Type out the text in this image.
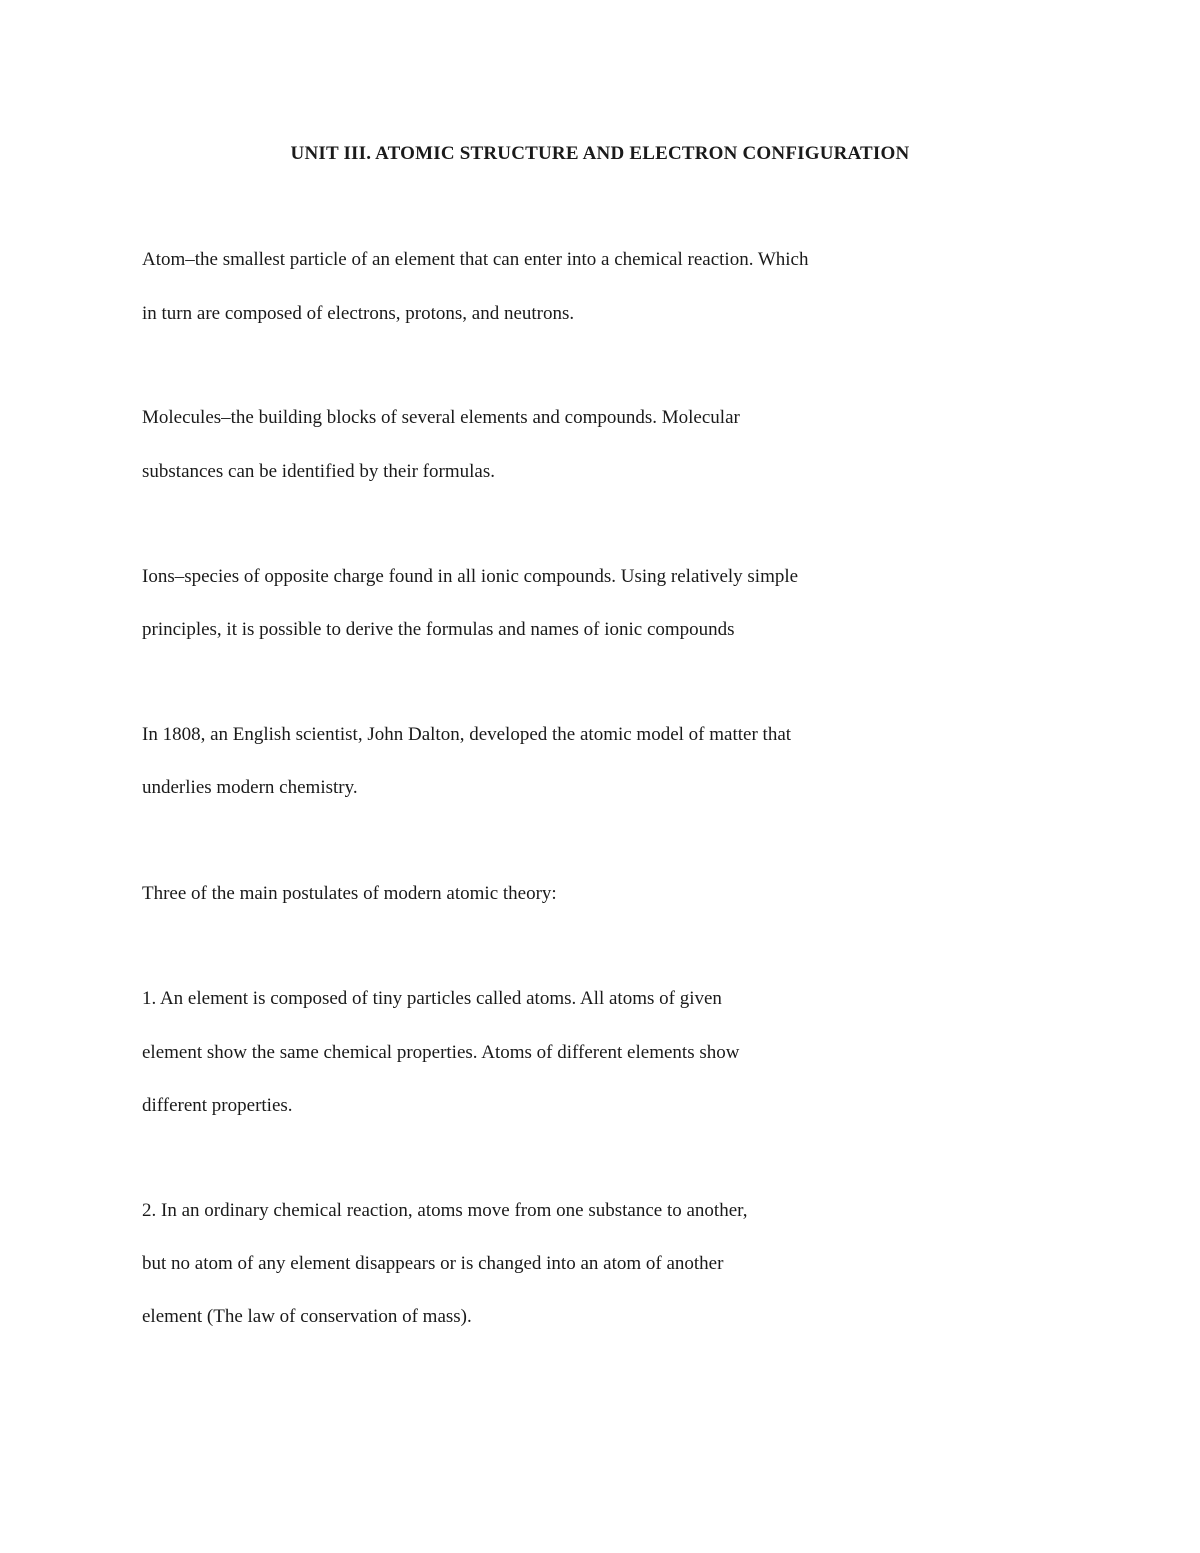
UNIT III. ATOMIC STRUCTURE AND ELECTRON CONFIGURATION
Atom–the smallest particle of an element that can enter into a chemical reaction. Which
in turn are composed of electrons, protons, and neutrons.
Molecules–the building blocks of several elements and compounds. Molecular
substances can be identified by their formulas.
Ions–species of opposite charge found in all ionic compounds. Using relatively simple
principles, it is possible to derive the formulas and names of ionic compounds
In 1808, an English scientist, John Dalton, developed the atomic model of matter that
underlies modern chemistry.
Three of the main postulates of modern atomic theory:
1. An element is composed of tiny particles called atoms. All atoms of given
element show the same chemical properties. Atoms of different elements show
different properties.
2. In an ordinary chemical reaction, atoms move from one substance to another,
but no atom of any element disappears or is changed into an atom of another
element (The law of conservation of mass).
